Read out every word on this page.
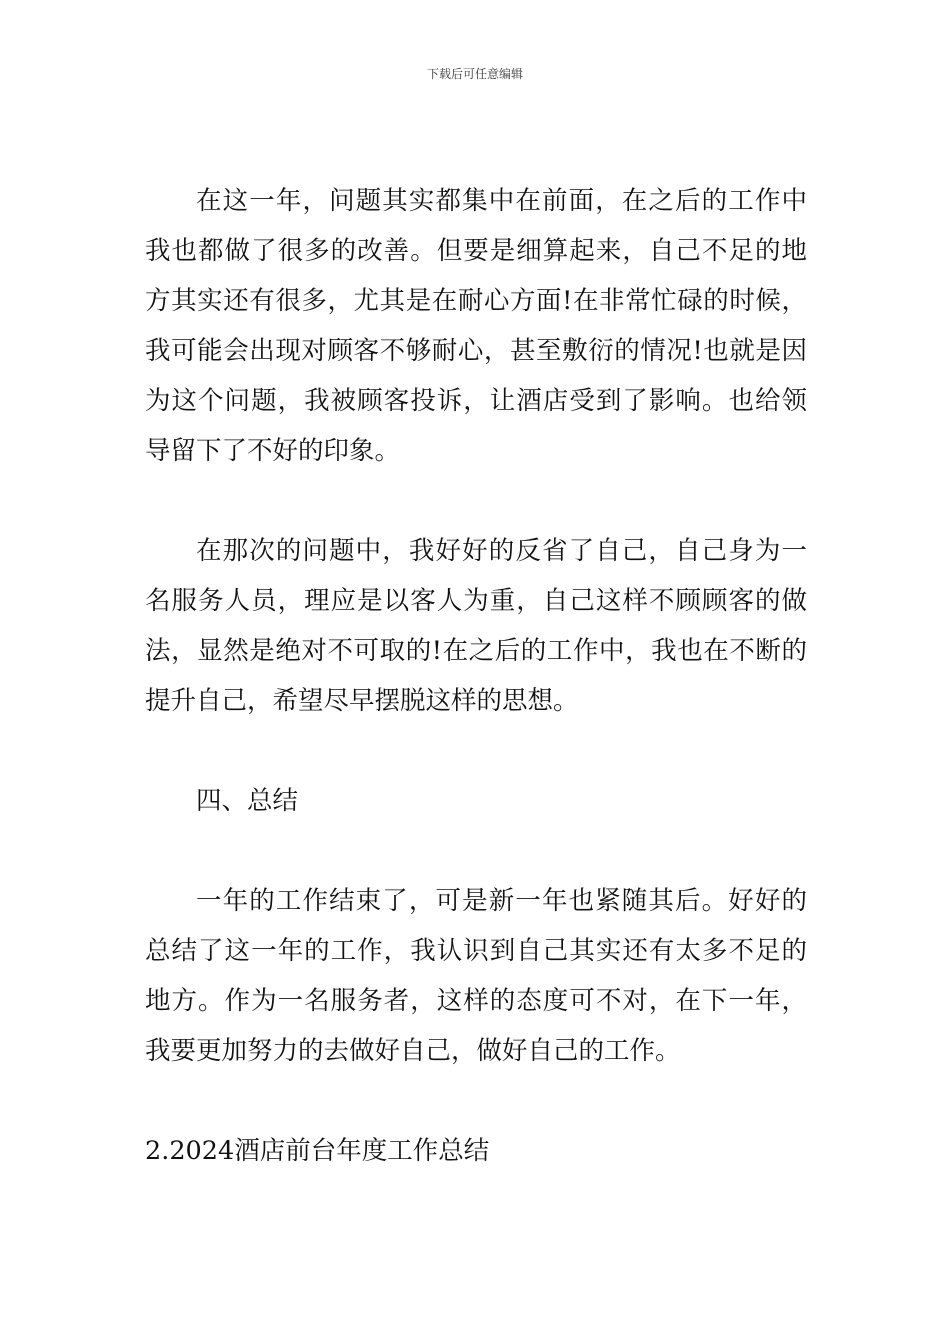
下载后可任意编辑

在这一年，问题其实都集中在前面，在之后的工作中我也都做了很多的改善。但要是细算起来，自己不足的地方其实还有很多，尤其是在耐心方面!在非常忙碌的时候，我可能会出现对顾客不够耐心，甚至敷衍的情况!也就是因为这个问题，我被顾客投诉，让酒店受到了影响。也给领导留下了不好的印象。

在那次的问题中，我好好的反省了自己，自己身为一名服务人员，理应是以客人为重，自己这样不顾顾客的做法，显然是绝对不可取的!在之后的工作中，我也在不断的提升自己，希望尽早摆脱这样的思想。

四、总结

一年的工作结束了，可是新一年也紧随其后。好好的总结了这一年的工作，我认识到自己其实还有太多不足的地方。作为一名服务者，这样的态度可不对，在下一年，我要更加努力的去做好自己，做好自己的工作。

2.2024酒店前台年度工作总结
